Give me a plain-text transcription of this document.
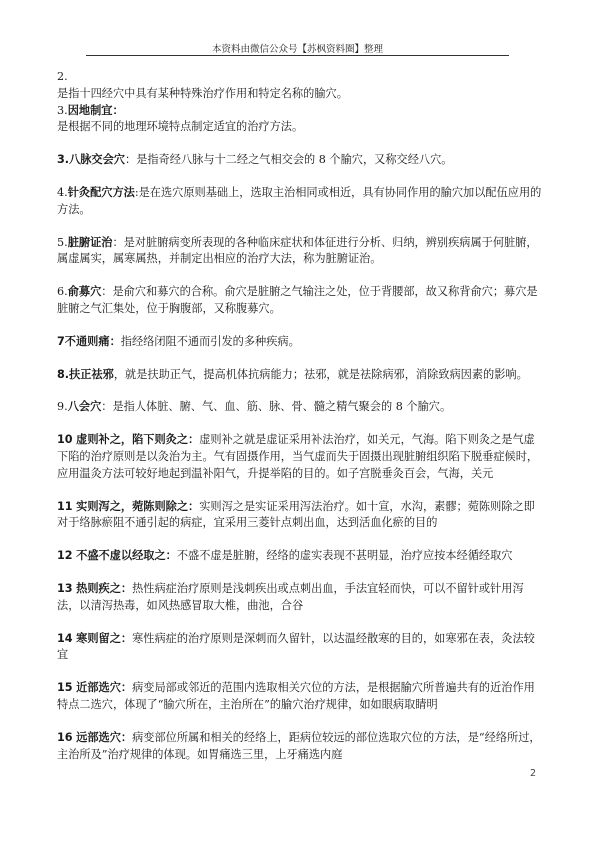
本资料由微信公众号【苏枫资料圈】整理
2.
是指十四经穴中具有某种特殊治疗作用和特定名称的腧穴。
3.因地制宜：
是根据不同的地理环境特点制定适宜的治疗方法。
3.八脉交会穴：是指奇经八脉与十二经之气相交会的 8 个腧穴，又称交经八穴。
4.针灸配穴方法:是在选穴原则基础上，选取主治相同或相近，具有协同作用的腧穴加以配伍应用的方法。
5.脏腑证治：是对脏腑病变所表现的各种临床症状和体征进行分析、归纳，辨别疾病属于何脏腑，属虚属实，属寒属热，并制定出相应的治疗大法，称为脏腑证治。
6.俞募穴：是俞穴和募穴的合称。俞穴是脏腑之气输注之处，位于背腰部，故又称背俞穴；募穴是脏腑之气汇集处，位于胸腹部，又称腹募穴。
7不通则痛：指经络闭阻不通而引发的多种疾病。
8.扶正祛邪，就是扶助正气，提高机体抗病能力；祛邪，就是祛除病邪，消除致病因素的影响。
9.八会穴：是指人体脏、腑、气、血、筋、脉、骨、髓之精气聚会的 8 个腧穴。
10 虚则补之，陷下则灸之：虚则补之就是虚证采用补法治疗，如关元，气海。陷下则灸之是气虚下陷的治疗原则是以灸治为主。气有固摄作用，当气虚而失于固摄出现脏腑组织陷下脱垂症候时，应用温灸方法可较好地起到温补阳气，升提举陷的目的。如子宫脱垂灸百会，气海，关元
11 实则泻之，菀陈则除之：实则泻之是实证采用泻法治疗。如十宣，水沟，素髎；菀陈则除之即对于络脉瘀阻不通引起的病症，宜采用三菱针点刺出血，达到活血化瘀的目的
12 不盛不虚以经取之：不盛不虚是脏腑，经络的虚实表现不甚明显，治疗应按本经循经取穴
13 热则疾之：热性病症治疗原则是浅刺疾出或点刺出血，手法宜轻而快，可以不留针或针用泻法，以清泻热毒，如风热感冒取大椎，曲池，合谷
14 寒则留之：寒性病症的治疗原则是深刺而久留针，以达温经散寒的目的，如寒邪在表，灸法较宜
15 近部选穴：病变局部或邻近的范围内选取相关穴位的方法，是根据腧穴所普遍共有的近治作用特点二选穴，体现了“腧穴所在，主治所在”的腧穴治疗规律，如如眼病取睛明
16 远部选穴：病变部位所属和相关的经络上，距病位较远的部位选取穴位的方法，是“经络所过，主治所及”治疗规律的体现。如胃痛选三里，上牙痛选内庭
2
